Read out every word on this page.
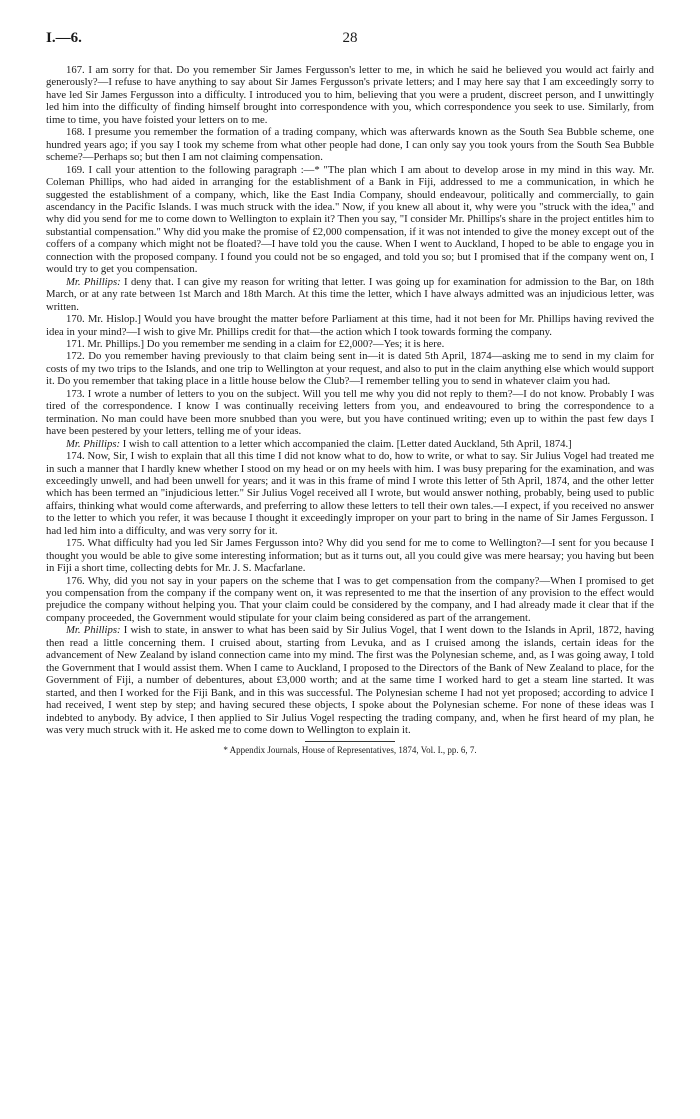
I.—6.	28

167. I am sorry for that. Do you remember Sir James Fergusson's letter to me, in which he said he believed you would act fairly and generously?—I refuse to have anything to say about Sir James Fergusson's private letters; and I may here say that I am exceedingly sorry to have led Sir James Fergusson into a difficulty. I introduced you to him, believing that you were a prudent, discreet person, and I unwittingly led him into the difficulty of finding himself brought into correspondence with you, which correspondence you seek to use. Similarly, from time to time, you have foisted your letters on to me.

168. I presume you remember the formation of a trading company, which was afterwards known as the South Sea Bubble scheme, one hundred years ago; if you say I took my scheme from what other people had done, I can only say you took yours from the South Sea Bubble scheme?—Perhaps so; but then I am not claiming compensation.

169. I call your attention to the following paragraph :—* "The plan which I am about to develop arose in my mind in this way. Mr. Coleman Phillips, who had aided in arranging for the establishment of a Bank in Fiji, addressed to me a communication, in which he suggested the establishment of a company, which, like the East India Company, should endeavour, politically and commercially, to gain ascendancy in the Pacific Islands. I was much struck with the idea." Now, if you knew all about it, why were you "struck with the idea," and why did you send for me to come down to Wellington to explain it? Then you say, "I consider Mr. Phillips's share in the project entitles him to substantial compensation." Why did you make the promise of £2,000 compensation, if it was not intended to give the money except out of the coffers of a company which might not be floated?—I have told you the cause. When I went to Auckland, I hoped to be able to engage you in connection with the proposed company. I found you could not be so engaged, and told you so; but I promised that if the company went on, I would try to get you compensation.

Mr. Phillips: I deny that. I can give my reason for writing that letter. I was going up for examination for admission to the Bar, on 18th March, or at any rate between 1st March and 18th March. At this time the letter, which I have always admitted was an injudicious letter, was written.

170. Mr. Hislop.] Would you have brought the matter before Parliament at this time, had it not been for Mr. Phillips having revived the idea in your mind?—I wish to give Mr. Phillips credit for that—the action which I took towards forming the company.

171. Mr. Phillips.] Do you remember me sending in a claim for £2,000?—Yes; it is here.

172. Do you remember having previously to that claim being sent in—it is dated 5th April, 1874—asking me to send in my claim for costs of my two trips to the Islands, and one trip to Wellington at your request, and also to put in the claim anything else which would support it. Do you remember that taking place in a little house below the Club?—I remember telling you to send in whatever claim you had.

173. I wrote a number of letters to you on the subject. Will you tell me why you did not reply to them?—I do not know. Probably I was tired of the correspondence. I know I was continually receiving letters from you, and endeavoured to bring the correspondence to a termination. No man could have been more snubbed than you were, but you have continued writing; even up to within the past few days I have been pestered by your letters, telling me of your ideas.

Mr. Phillips: I wish to call attention to a letter which accompanied the claim. [Letter dated Auckland, 5th April, 1874.]

174. Now, Sir, I wish to explain that all this time I did not know what to do, how to write, or what to say. Sir Julius Vogel had treated me in such a manner that I hardly knew whether I stood on my head or on my heels with him. I was busy preparing for the examination, and was exceedingly unwell, and had been unwell for years; and it was in this frame of mind I wrote this letter of 5th April, 1874, and the other letter which has been termed an "injudicious letter." Sir Julius Vogel received all I wrote, but would answer nothing, probably, being used to public affairs, thinking what would come afterwards, and preferring to allow these letters to tell their own tales.—I expect, if you received no answer to the letter to which you refer, it was because I thought it exceedingly improper on your part to bring in the name of Sir James Fergusson. I had led him into a difficulty, and was very sorry for it.

175. What difficulty had you led Sir James Fergusson into? Why did you send for me to come to Wellington?—I sent for you because I thought you would be able to give some interesting information; but as it turns out, all you could give was mere hearsay; you having but been in Fiji a short time, collecting debts for Mr. J. S. Macfarlane.

176. Why, did you not say in your papers on the scheme that I was to get compensation from the company?—When I promised to get you compensation from the company if the company went on, it was represented to me that the insertion of any provision to the effect would prejudice the company without helping you. That your claim could be considered by the company, and I had already made it clear that if the company proceeded, the Government would stipulate for your claim being considered as part of the arrangement.

Mr. Phillips: I wish to state, in answer to what has been said by Sir Julius Vogel, that I went down to the Islands in April, 1872, having then read a little concerning them. I cruised about, starting from Levuka, and as I cruised among the islands, certain ideas for the advancement of New Zealand by island connection came into my mind. The first was the Polynesian scheme, and, as I was going away, I told the Government that I would assist them. When I came to Auckland, I proposed to the Directors of the Bank of New Zealand to place, for the Government of Fiji, a number of debentures, about £3,000 worth; and at the same time I worked hard to get a steam line started. It was started, and then I worked for the Fiji Bank, and in this was successful. The Polynesian scheme I had not yet proposed; according to advice I had received, I went step by step; and having secured these objects, I spoke about the Polynesian scheme. For none of these ideas was I indebted to anybody. By advice, I then applied to Sir Julius Vogel respecting the trading company, and, when he first heard of my plan, he was very much struck with it. He asked me to come down to Wellington to explain it.

* Appendix Journals, House of Representatives, 1874, Vol. I., pp. 6, 7.
